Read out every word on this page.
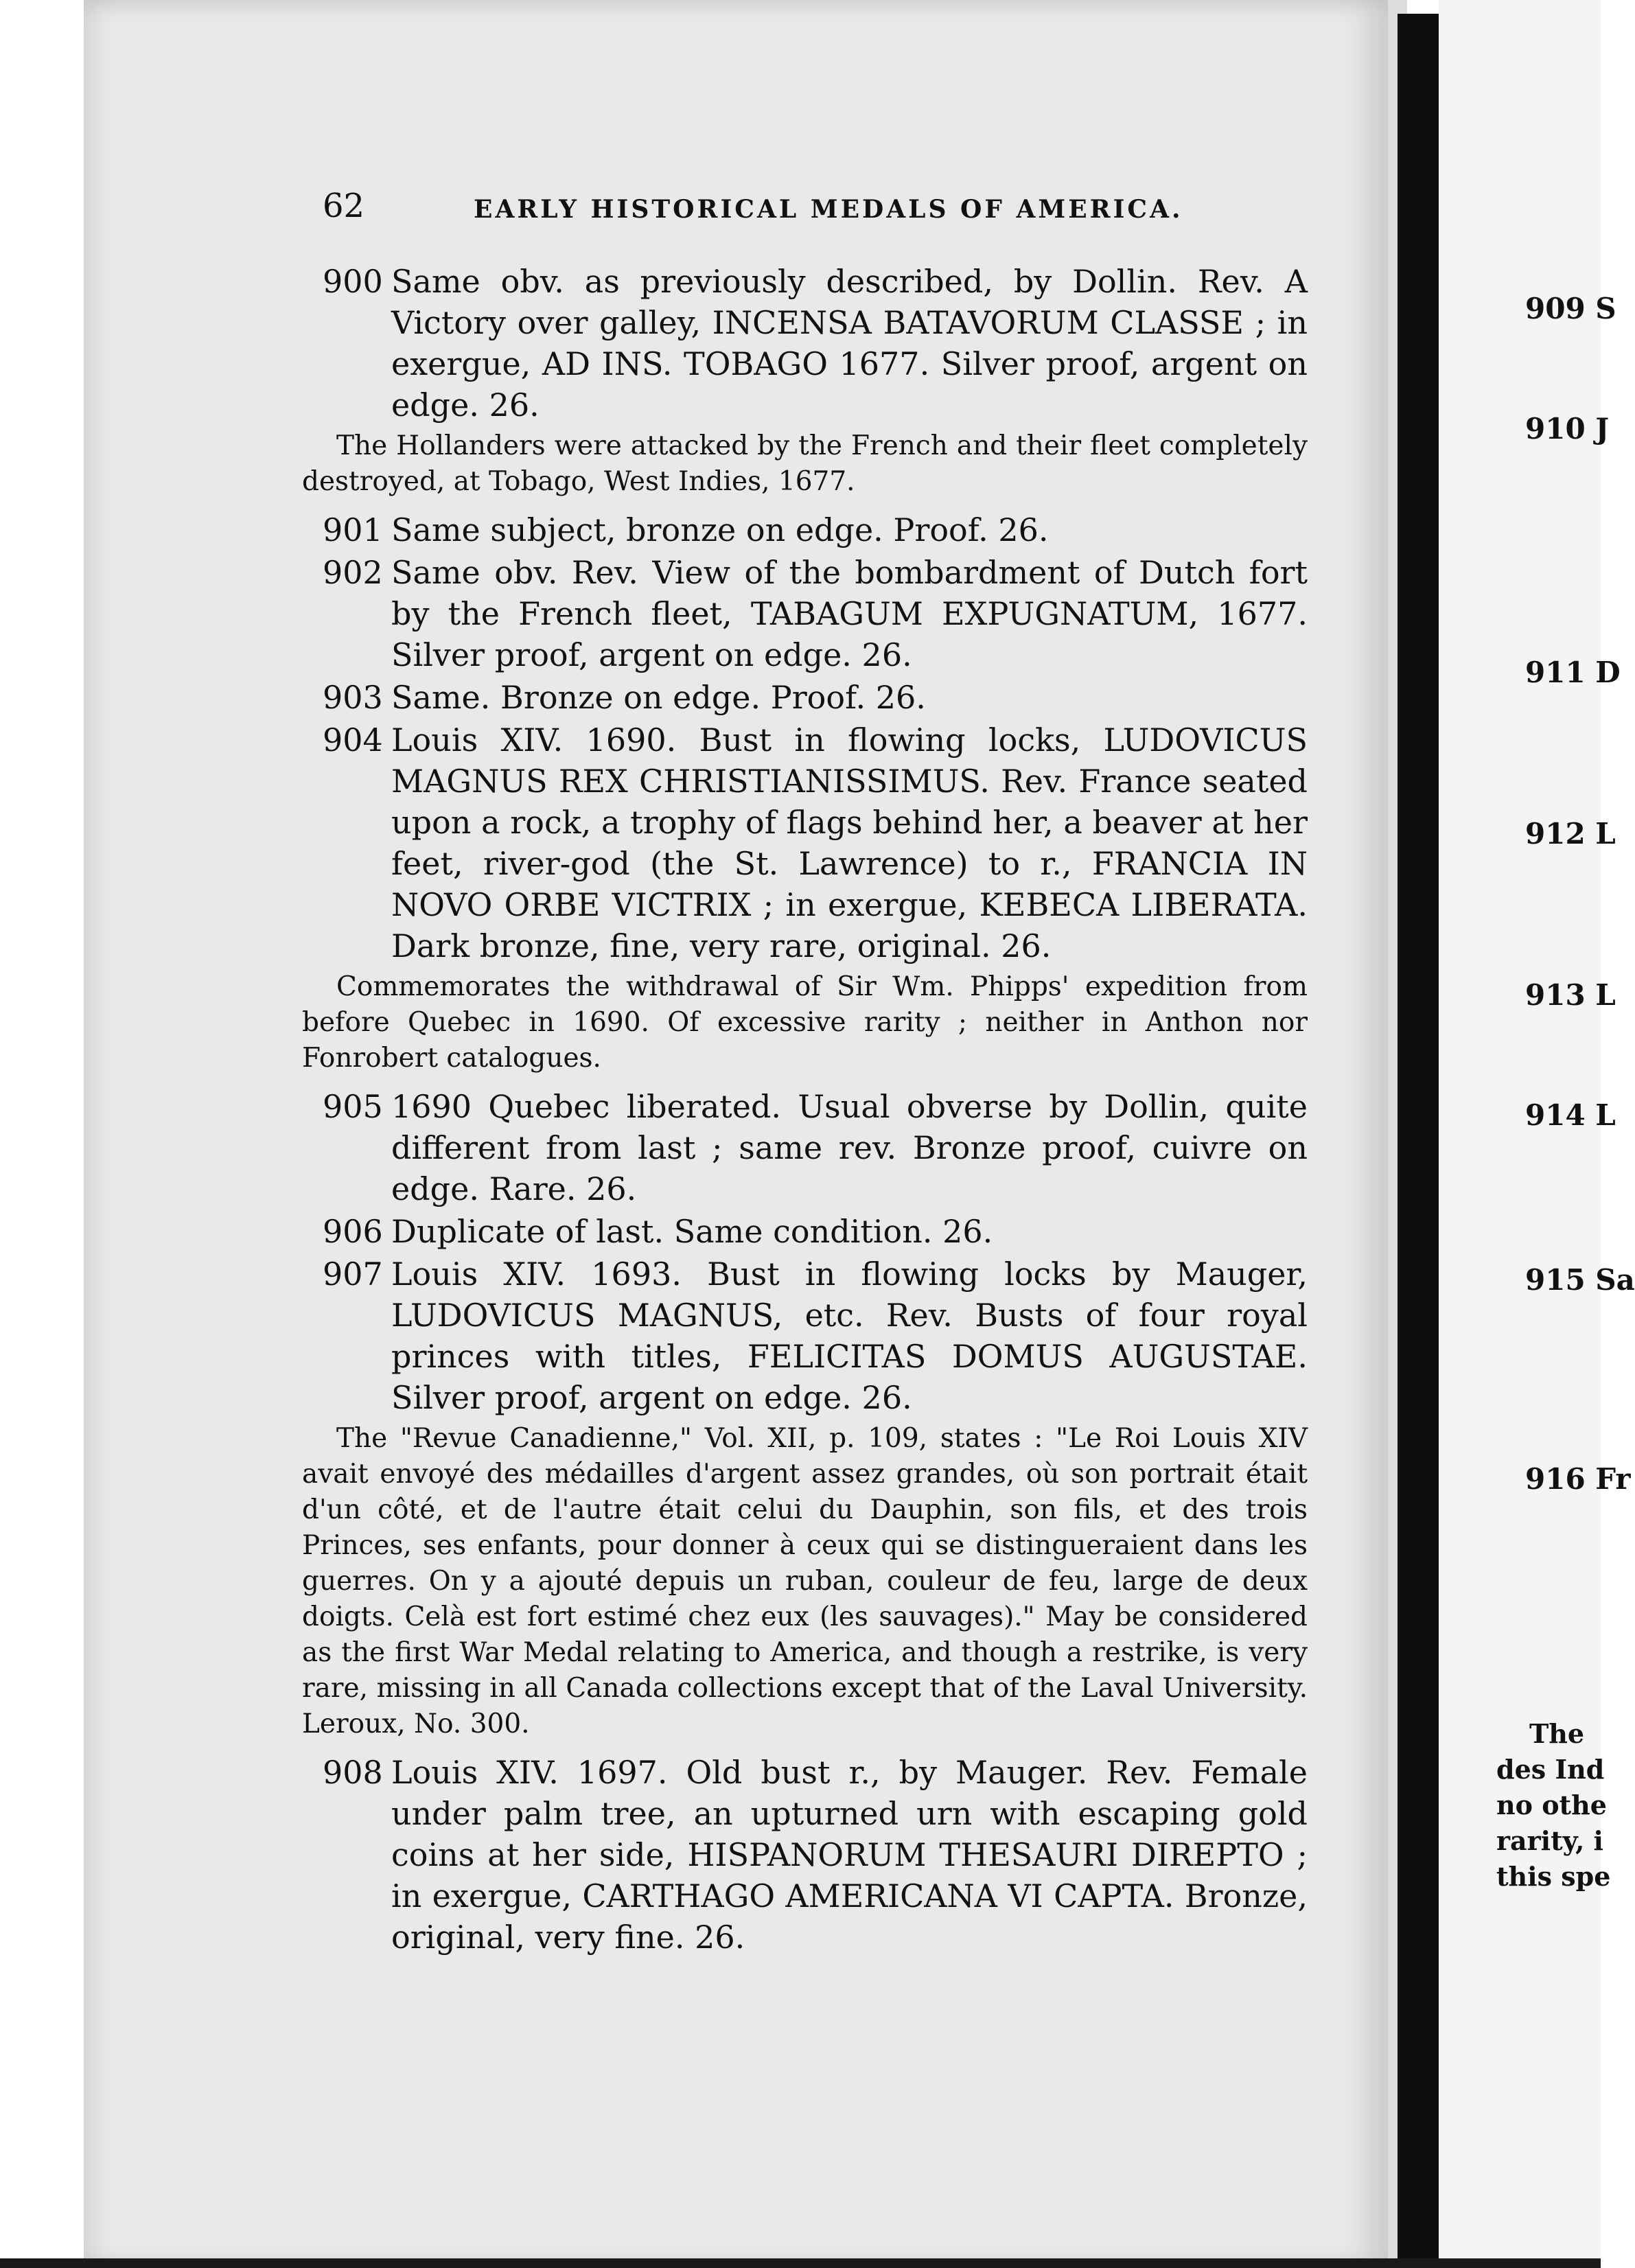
62	EARLY HISTORICAL MEDALS OF AMERICA.
900 Same obv. as previously described, by Dollin. Rev. A Victory over galley, INCENSA BATAVORUM CLASSE ; in exergue, AD INS. TOBAGO 1677. Silver proof, argent on edge. 26.
The Hollanders were attacked by the French and their fleet completely destroyed, at Tobago, West Indies, 1677.
901 Same subject, bronze on edge. Proof. 26.
902 Same obv. Rev. View of the bombardment of Dutch fort by the French fleet, TABAGUM EXPUGNATUM, 1677. Silver proof, argent on edge. 26.
903 Same. Bronze on edge. Proof. 26.
904 Louis XIV. 1690. Bust in flowing locks, LUDOVICUS MAGNUS REX CHRISTIANISSIMUS. Rev. France seated upon a rock, a trophy of flags behind her, a beaver at her feet, river-god (the St. Lawrence) to r., FRANCIA IN NOVO ORBE VICTRIX ; in exergue, KEBECA LIBERATA. Dark bronze, fine, very rare, original. 26.
Commemorates the withdrawal of Sir Wm. Phipps' expedition from before Quebec in 1690. Of excessive rarity ; neither in Anthon nor Fonrobert catalogues.
905 1690 Quebec liberated. Usual obverse by Dollin, quite different from last ; same rev. Bronze proof, cuivre on edge. Rare. 26.
906 Duplicate of last. Same condition. 26.
907 Louis XIV. 1693. Bust in flowing locks by Mauger, LUDOVICUS MAGNUS, etc. Rev. Busts of four royal princes with titles, FELICITAS DOMUS AUGUSTAE. Silver proof, argent on edge. 26.
The "Revue Canadienne," Vol. XII, p. 109, states : "Le Roi Louis XIV avait envoyé des médailles d'argent assez grandes, où son portrait était d'un côté, et de l'autre était celui du Dauphin, son fils, et des trois Princes, ses enfants, pour donner à ceux qui se distingueraient dans les guerres. On y a ajouté depuis un ruban, couleur de feu, large de deux doigts. Celà est fort estimé chez eux (les sauvages)." May be considered as the first War Medal relating to America, and though a restrike, is very rare, missing in all Canada collections except that of the Laval University. Leroux, No. 300.
908 Louis XIV. 1697. Old bust r., by Mauger. Rev. Female under palm tree, an upturned urn with escaping gold coins at her side, HISPANORUM THESAURI DIREPTO ; in exergue, CARTHAGO AMERICANA VI CAPTA. Bronze, original, very fine. 26.
909 S
910 J
911 D
912 L
913 L
914 L
915 Sa
916 Fr
The
des Ind
no othe
rarity, i
this spe
